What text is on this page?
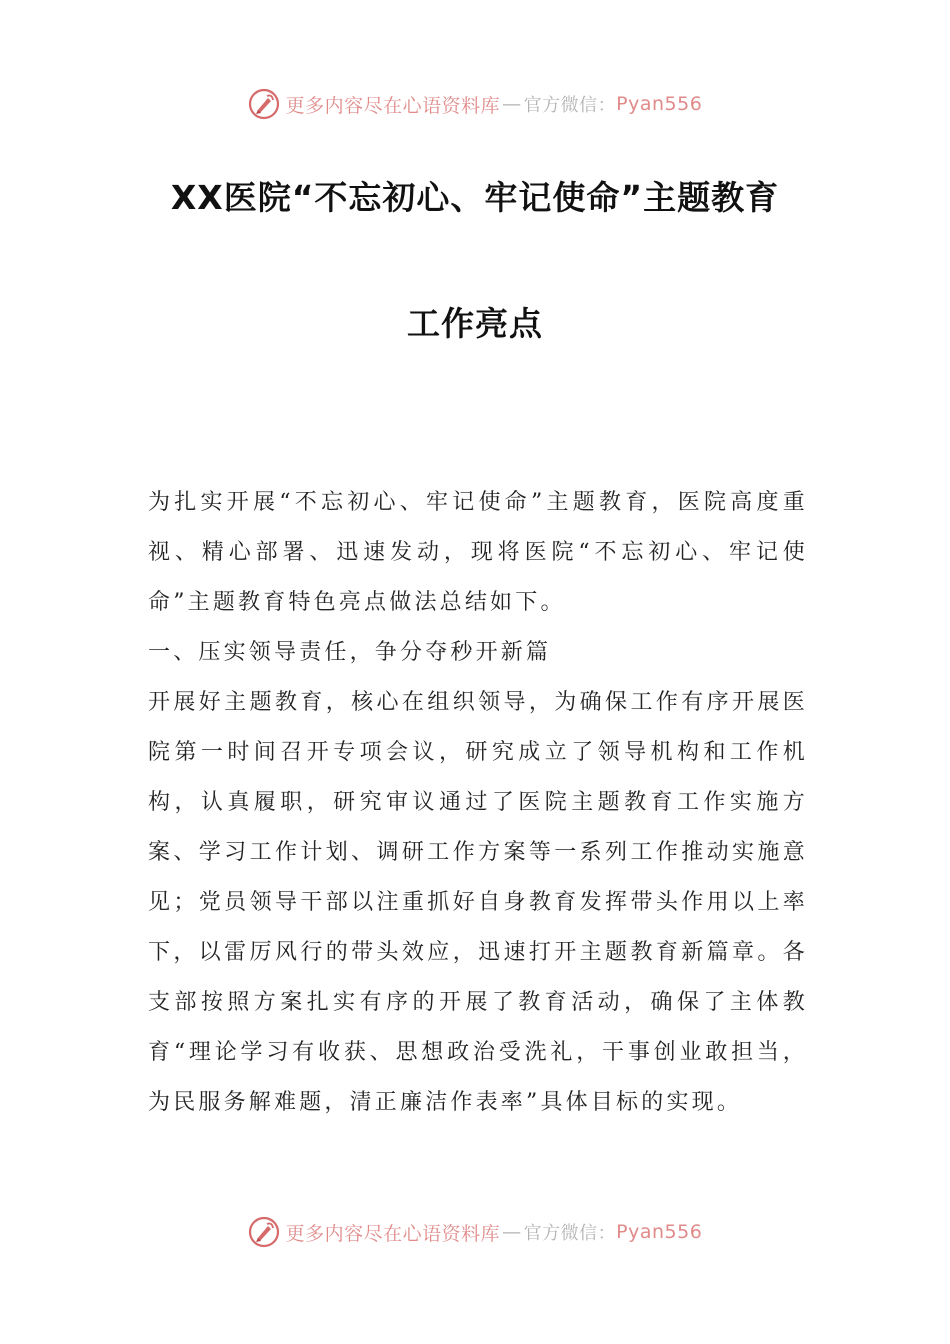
更多内容尽在心语资料库 — 官方微信： Pyan556
XX医院“不忘初心、牢记使命”主题教育
工作亮点

为扎实开展“不忘初心、牢记使命”主题教育，医院高度重视、精心部署、迅速发动，现将医院“不忘初心、牢记使命”主题教育特色亮点做法总结如下。

一、压实领导责任，争分夺秒开新篇

开展好主题教育，核心在组织领导，为确保工作有序开展医院第一时间召开专项会议，研究成立了领导机构和工作机构，认真履职，研究审议通过了医院主题教育工作实施方案、学习工作计划、调研工作方案等一系列工作推动实施意见；党员领导干部以注重抓好自身教育发挥带头作用以上率下，以雷厉风行的带头效应，迅速打开主题教育新篇章。各支部按照方案扎实有序的开展了教育活动，确保了主体教育“理论学习有收获、思想政治受洗礼，干事创业敢担当，为民服务解难题，清正廉洁作表率”具体目标的实现。

更多内容尽在心语资料库 — 官方微信： Pyan556
